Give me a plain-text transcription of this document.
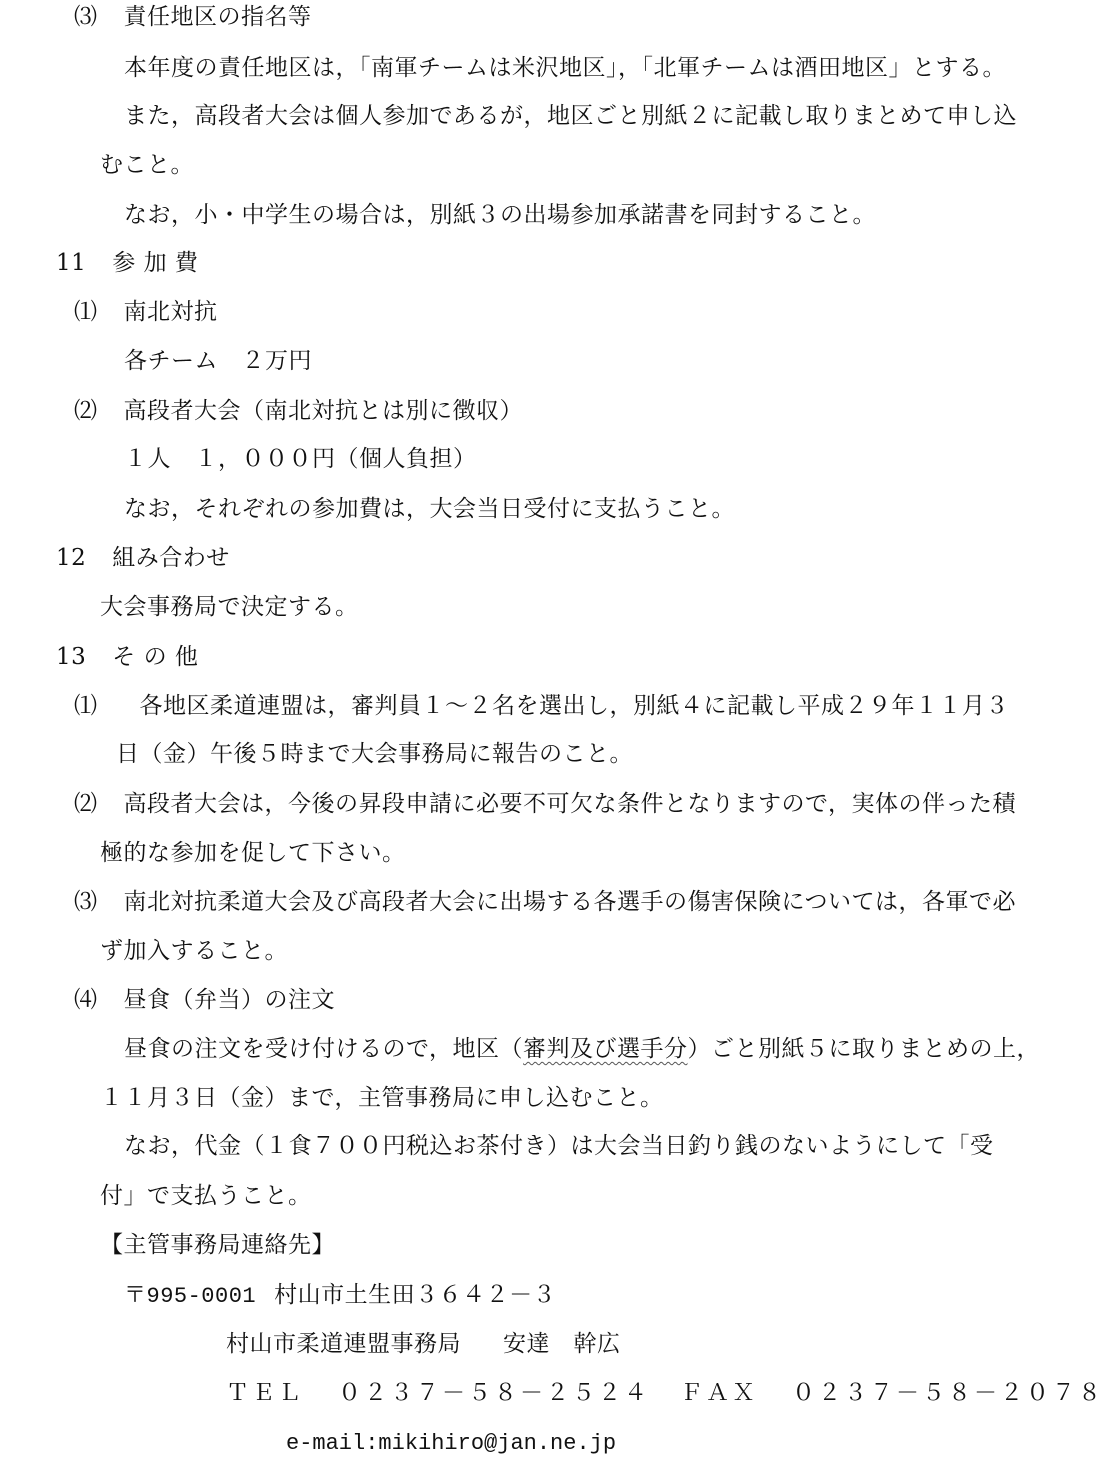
⑶ 責任地区の指名等
本年度の責任地区は，「南軍チームは米沢地区」，「北軍チームは酒田地区」とする。
また，高段者大会は個人参加であるが，地区ごと別紙２に記載し取りまとめて申し込
むこと。
なお，小・中学生の場合は，別紙３の出場参加承諾書を同封すること。
11 参 加 費
⑴ 南北対抗
各チーム　２万円
⑵ 高段者大会（南北対抗とは別に徴収）
１人　１，０００円（個人負担）
なお，それぞれの参加費は，大会当日受付に支払うこと。
12 組み合わせ
大会事務局で決定する。
13 そ の 他
⑴ 各地区柔道連盟は，審判員１～２名を選出し，別紙４に記載し平成２９年１１月３
日（金）午後５時まで大会事務局に報告のこと。
⑵ 高段者大会は，今後の昇段申請に必要不可欠な条件となりますので，実体の伴った積
極的な参加を促して下さい。
⑶ 南北対抗柔道大会及び高段者大会に出場する各選手の傷害保険については，各軍で必
ず加入すること。
⑷ 昼食（弁当）の注文
昼食の注文を受け付けるので，地区（審判及び選手分）ごと別紙５に取りまとめの上，
１１月３日（金）まで，主管事務局に申し込むこと。
なお，代金（１食７００円税込お茶付き）は大会当日釣り銭のないようにして「受
付」で支払うこと。
【主管事務局連絡先】
〒995-0001 村山市土生田３６４２－３
村山市柔道連盟事務局 安達　幹広
ＴＥＬ ０２３７－５８－２５２４ ＦＡＸ ０２３７－５８－２０７８
e-mail:mikihiro@jan.ne.jp
